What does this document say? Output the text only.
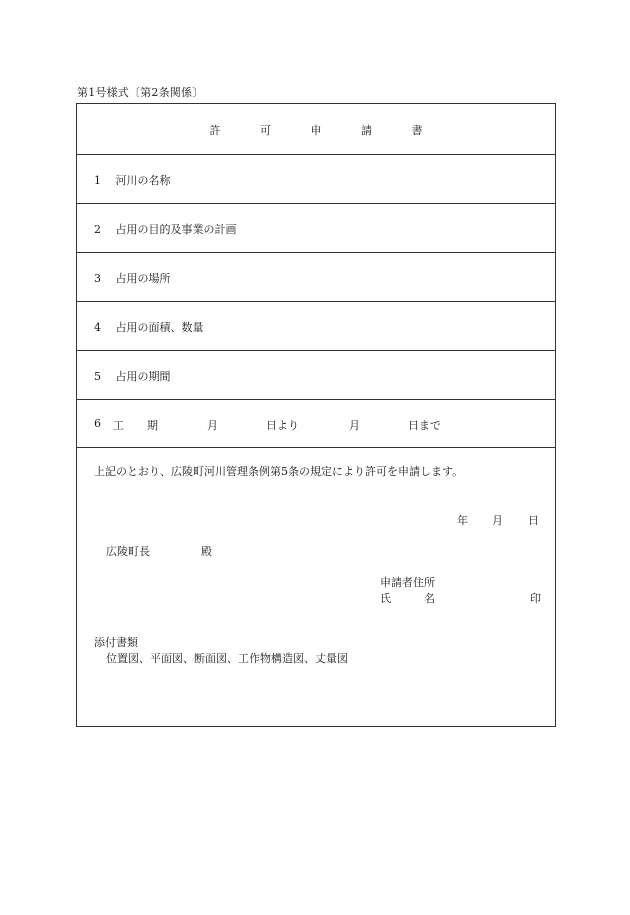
第1号様式〔第2条関係〕
許	可	申	請	書
1 河川の名称
2 占用の目的及事業の計画
3 占用の場所
4 占用の面積、数量
5 占用の期間
6 工 期	月	日より	月	日まで
上記のとおり、広陵町河川管理条例第5条の規定により許可を申請します。
年 月 日
広陵町長	殿
申請者住所
氏	名	印
添付書類
位置図、平面図、断面図、工作物構造図、丈量図
